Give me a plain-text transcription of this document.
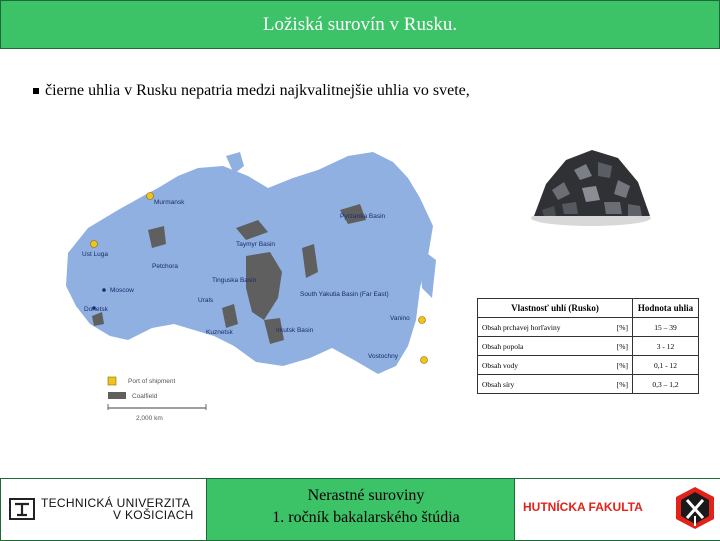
Ložiská surovín v Rusku.
čierne uhlia v Rusku nepatria medzi najkvalitnejšie uhlia vo svete,
Murmansk
Pyrzanka Basin
Taymyr Basin
Ust Luga
Petchora
Tinguska Basin
Moscow
Urals
South Yakutia Basin (Far East)
Donetsk
Vanino
Kuznetsk	Irkutsk Basin
Vostochny
Port of shipment
Coalfield
2,000 km
Vlastnosť uhlí (Rusko)		Hodnota uhlia
Obsah prchavej horľaviny	[%]	15 – 39
Obsah popola	[%]	3 - 12
Obsah vody	[%]	0,1 - 12
Obsah síry	[%]	0,3 – 1,2
TECHNICKÁ UNIVERZITA
V KOŠICIACH
Nerastné suroviny
1. ročník bakalarského štúdia
HUTNÍCKA FAKULTA
